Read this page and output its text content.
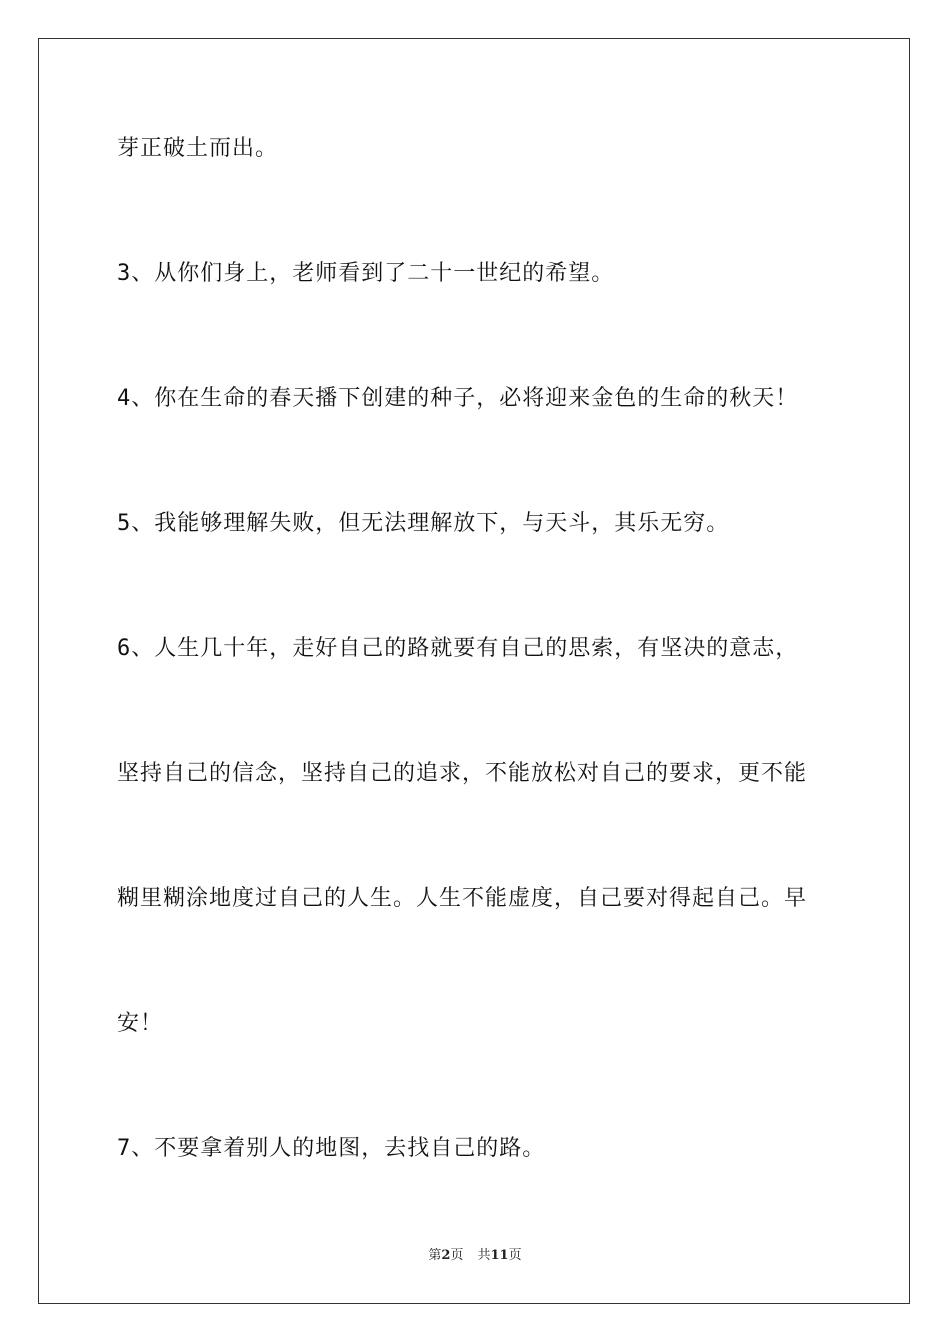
芽正破土而出。
3、从你们身上，老师看到了二十一世纪的希望。
4、你在生命的春天播下创建的种子，必将迎来金色的生命的秋天！
5、我能够理解失败，但无法理解放下，与天斗，其乐无穷。
6、人生几十年，走好自己的路就要有自己的思索，有坚决的意志，
坚持自己的信念，坚持自己的追求，不能放松对自己的要求，更不能
糊里糊涂地度过自己的人生。人生不能虚度，自己要对得起自己。早
安！
7、不要拿着别人的地图，去找自己的路。
第2页 共11页
